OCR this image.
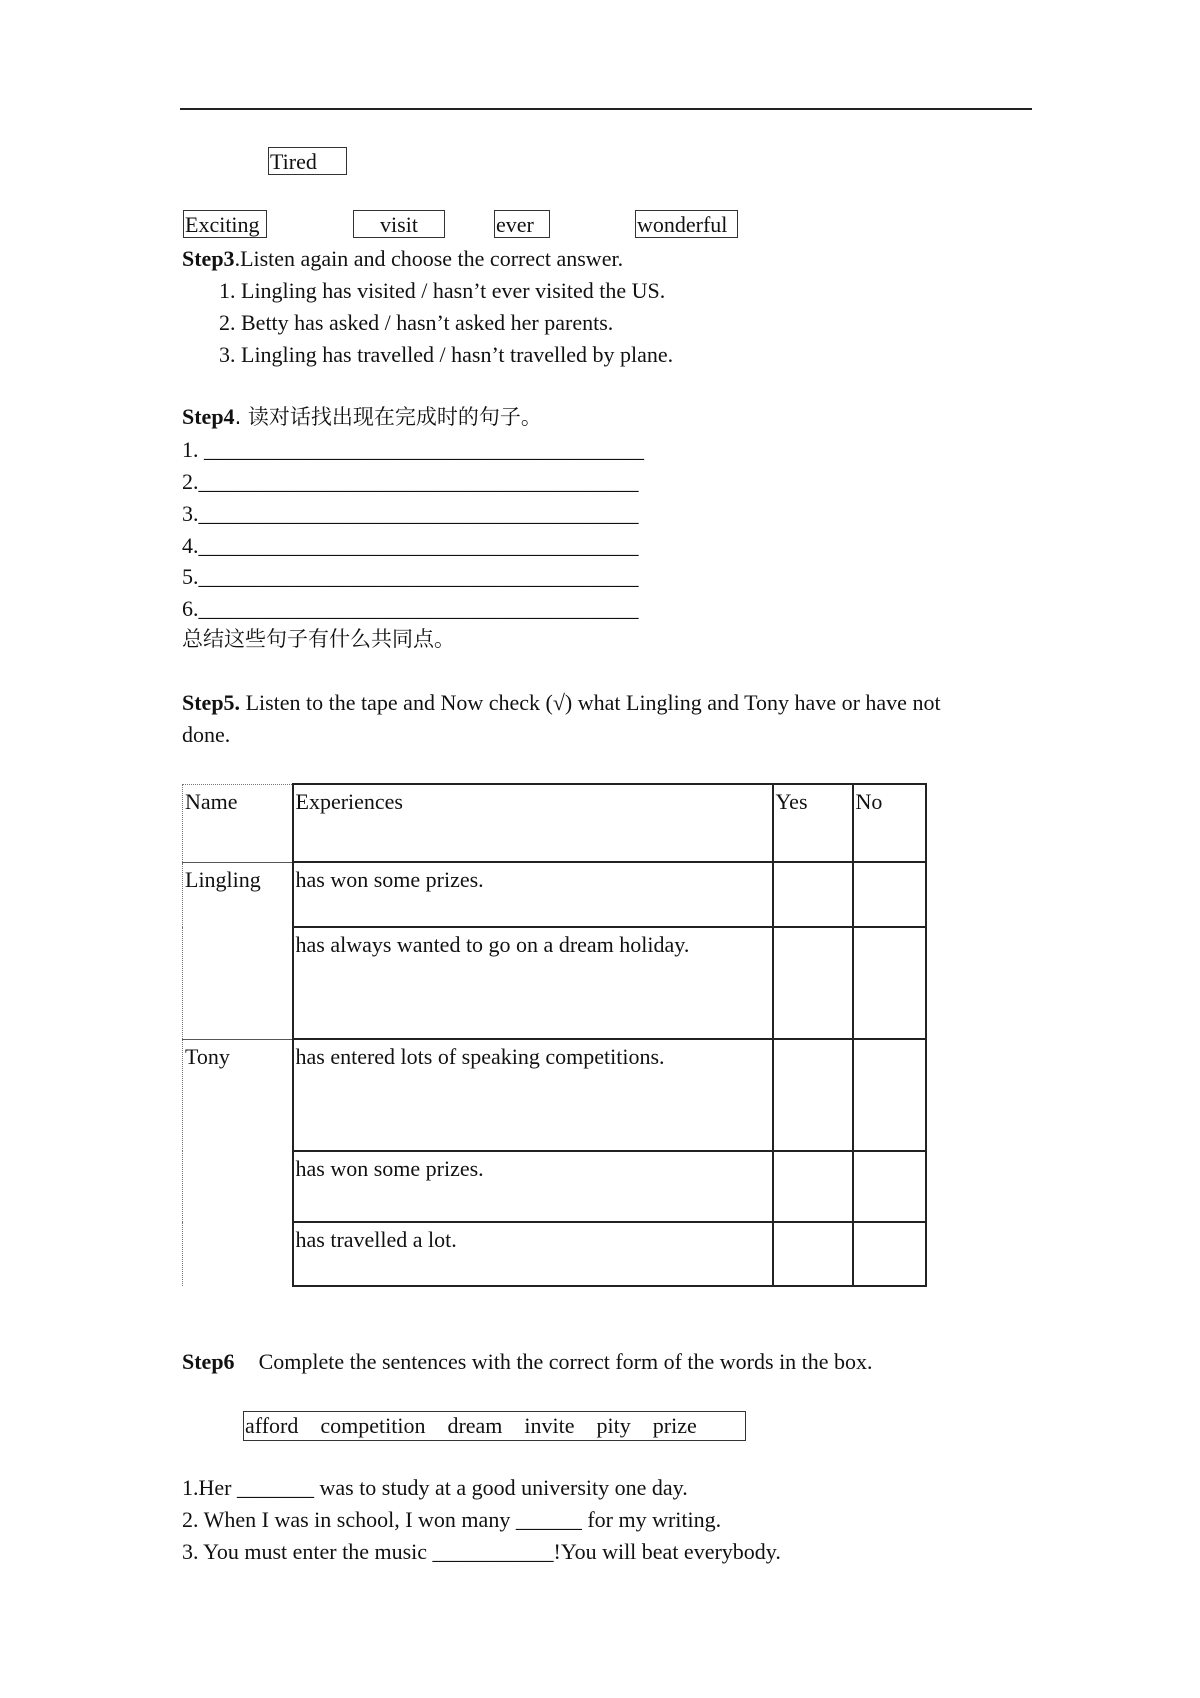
Tired
Exciting	visit	ever	wonderful
Step3.Listen again and choose the correct answer.
1. Lingling has visited / hasn’t ever visited the US.
2. Betty has asked / hasn’t asked her parents.
3. Lingling has travelled / hasn’t travelled by plane.
Step4. 读对话找出现在完成时的句子。
1. ________________________________________
2.________________________________________
3.________________________________________
4.________________________________________
5.________________________________________
6.________________________________________
总结这些句子有什么共同点。
Step5. Listen to the tape and Now check (√) what Lingling and Tony have or have not
done.
Name	Experiences	Yes	No
Lingling	has won some prizes.		
	has always wanted to go on a dream holiday.		
Tony	has entered lots of speaking competitions.		
	has won some prizes.		
	has travelled a lot.		
Step6 Complete the sentences with the correct form of the words in the box.
afford competition dream invite pity prize
1.Her _______ was to study at a good university one day.
2. When I was in school, I won many ______ for my writing.
3. You must enter the music ___________!You will beat everybody.
